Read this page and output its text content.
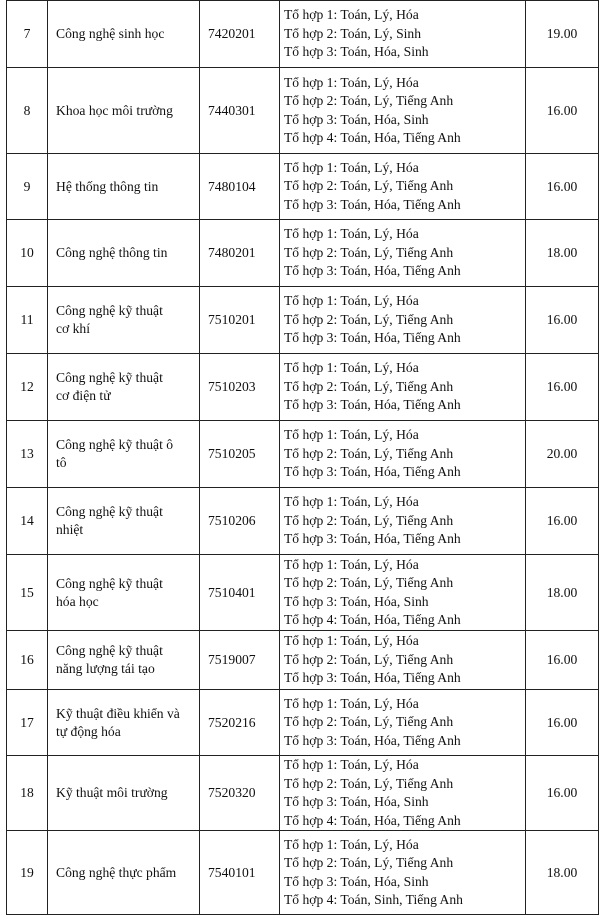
7	Công nghệ sinh học	7420201	Tổ hợp 1: Toán, Lý, Hóa
Tổ hợp 2: Toán, Lý, Sinh
Tổ hợp 3: Toán, Hóa, Sinh	19.00
8	Khoa học môi trường	7440301	Tổ hợp 1: Toán, Lý, Hóa
Tổ hợp 2: Toán, Lý, Tiếng Anh
Tổ hợp 3: Toán, Hóa, Sinh
Tổ hợp 4: Toán, Hóa, Tiếng Anh	16.00
9	Hệ thống thông tin	7480104	Tổ hợp 1: Toán, Lý, Hóa
Tổ hợp 2: Toán, Lý, Tiếng Anh
Tổ hợp 3: Toán, Hóa, Tiếng Anh	16.00
10	Công nghệ thông tin	7480201	Tổ hợp 1: Toán, Lý, Hóa
Tổ hợp 2: Toán, Lý, Tiếng Anh
Tổ hợp 3: Toán, Hóa, Tiếng Anh	18.00
11	Công nghệ kỹ thuật
cơ khí	7510201	Tổ hợp 1: Toán, Lý, Hóa
Tổ hợp 2: Toán, Lý, Tiếng Anh
Tổ hợp 3: Toán, Hóa, Tiếng Anh	16.00
12	Công nghệ kỹ thuật
cơ điện tử	7510203	Tổ hợp 1: Toán, Lý, Hóa
Tổ hợp 2: Toán, Lý, Tiếng Anh
Tổ hợp 3: Toán, Hóa, Tiếng Anh	16.00
13	Công nghệ kỹ thuật ô
tô	7510205	Tổ hợp 1: Toán, Lý, Hóa
Tổ hợp 2: Toán, Lý, Tiếng Anh
Tổ hợp 3: Toán, Hóa, Tiếng Anh	20.00
14	Công nghệ kỹ thuật
nhiệt	7510206	Tổ hợp 1: Toán, Lý, Hóa
Tổ hợp 2: Toán, Lý, Tiếng Anh
Tổ hợp 3: Toán, Hóa, Tiếng Anh	16.00
15	Công nghệ kỹ thuật
hóa học	7510401	Tổ hợp 1: Toán, Lý, Hóa
Tổ hợp 2: Toán, Lý, Tiếng Anh
Tổ hợp 3: Toán, Hóa, Sinh
Tổ hợp 4: Toán, Hóa, Tiếng Anh	18.00
16	Công nghệ kỹ thuật
năng lượng tái tạo	7519007	Tổ hợp 1: Toán, Lý, Hóa
Tổ hợp 2: Toán, Lý, Tiếng Anh
Tổ hợp 3: Toán, Hóa, Tiếng Anh	16.00
17	Kỹ thuật điều khiển và
tự động hóa	7520216	Tổ hợp 1: Toán, Lý, Hóa
Tổ hợp 2: Toán, Lý, Tiếng Anh
Tổ hợp 3: Toán, Hóa, Tiếng Anh	16.00
18	Kỹ thuật môi trường	7520320	Tổ hợp 1: Toán, Lý, Hóa
Tổ hợp 2: Toán, Lý, Tiếng Anh
Tổ hợp 3: Toán, Hóa, Sinh
Tổ hợp 4: Toán, Hóa, Tiếng Anh	16.00
19	Công nghệ thực phẩm	7540101	Tổ hợp 1: Toán, Lý, Hóa
Tổ hợp 2: Toán, Lý, Tiếng Anh
Tổ hợp 3: Toán, Hóa, Sinh
Tổ hợp 4: Toán, Sinh, Tiếng Anh	18.00
